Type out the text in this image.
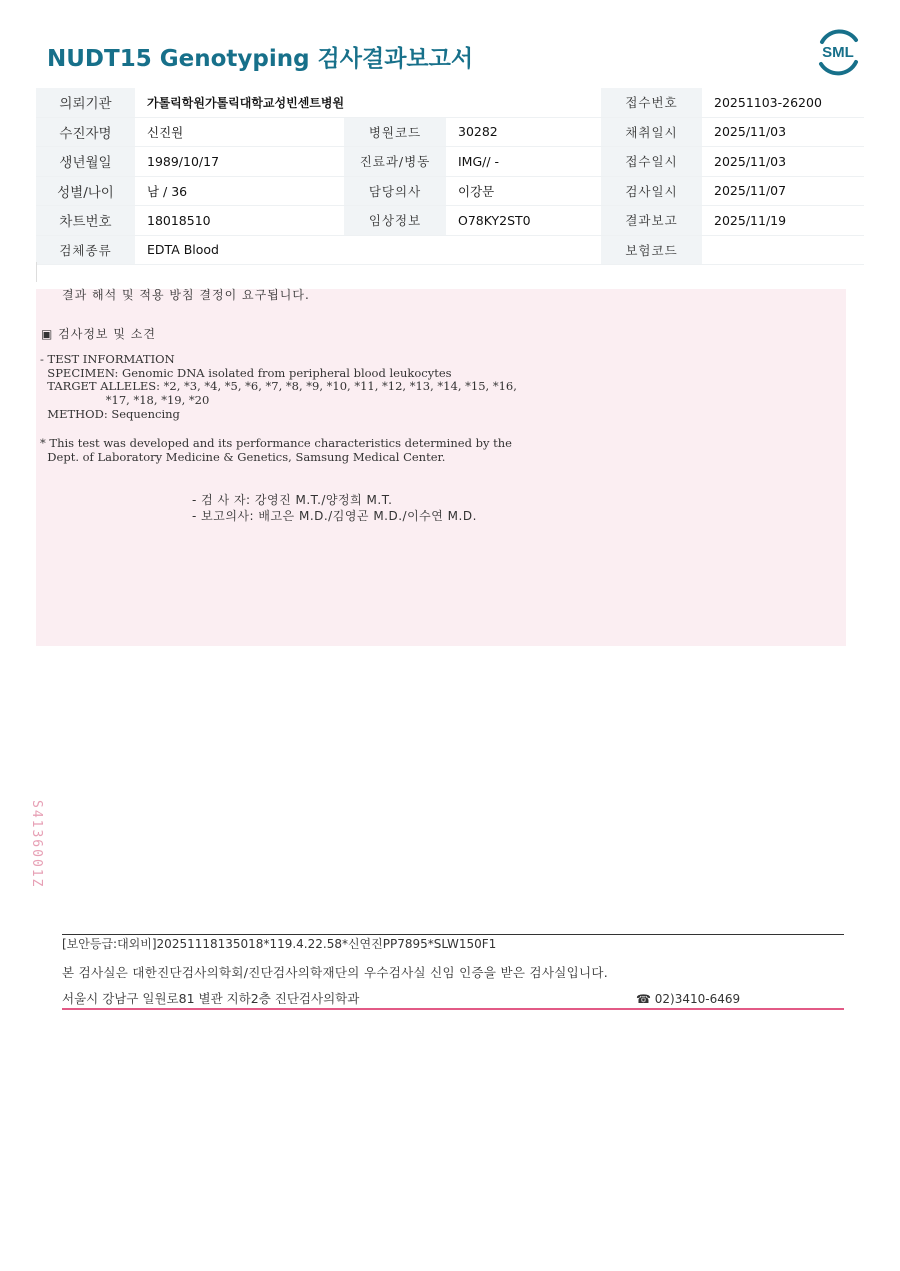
NUDT15 Genotyping 검사결과보고서	SML
의뢰기관	가톨릭학원가톨릭대학교성빈센트병원			접수번호	20251103-26200
수진자명	신진원	병원코드	30282	채취일시	2025/11/03
생년월일	1989/10/17	진료과/병동	IMG// -	접수일시	2025/11/03
성별/나이	남 / 36	담당의사	이강문	검사일시	2025/11/07
차트번호	18018510	임상정보	O78KY2ST0	결과보고	2025/11/19
검체종류	EDTA Blood			보험코드	
결과 해석 및 적용 방침 결정이 요구됩니다.
▣ 검사정보 및 소견
- TEST INFORMATION
SPECIMEN: Genomic DNA isolated from peripheral blood leukocytes
TARGET ALLELES: *2, *3, *4, *5, *6, *7, *8, *9, *10, *11, *12, *13, *14, *15, *16,
*17, *18, *19, *20
METHOD: Sequencing
* This test was developed and its performance characteristics determined by the
Dept. of Laboratory Medicine & Genetics, Samsung Medical Center.
- 검 사 자: 강영진 M.T./양정희 M.T.
- 보고의사: 배고은 M.D./김영곤 M.D./이수연 M.D.
S4136001Z
[보안등급:대외비]20251118135018*119.4.22.58*신연진PP7895*SLW150F1
본 검사실은 대한진단검사의학회/진단검사의학재단의 우수검사실 신임 인증을 받은 검사실입니다.
서울시 강남구 일원로81 별관 지하2층 진단검사의학과	☎ 02)3410-6469
